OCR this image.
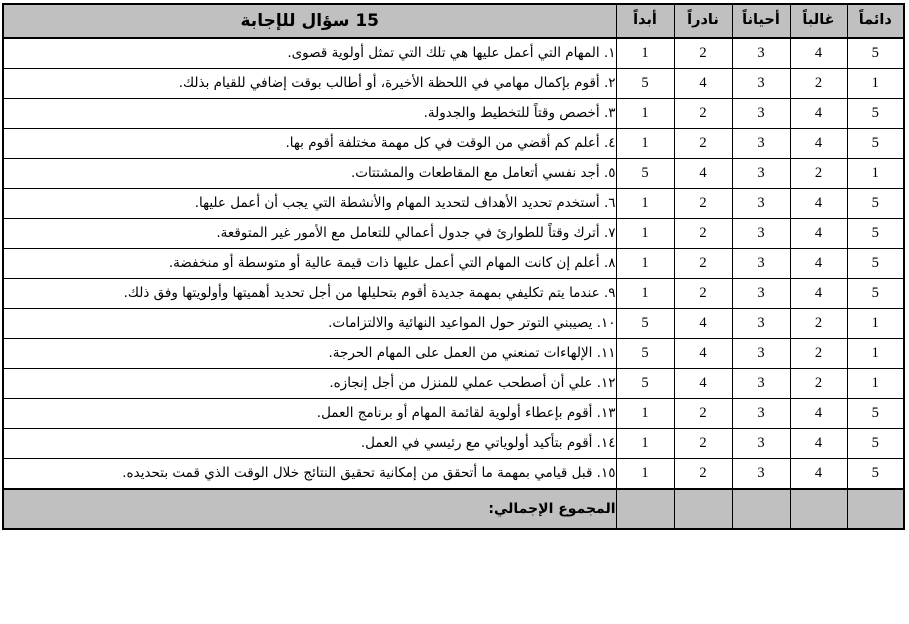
دائماً	غالباً	أحياناً	نادراً	أبداً	15 سؤال للإجابة
5	4	3	2	1	١. المهام التي أعمل عليها هي تلك التي تمثل أولوية قصوى.
1	2	3	4	5	٢. أقوم بإكمال مهامي في اللحظة الأخيرة، أو أطالب بوقت إضافي للقيام بذلك.
5	4	3	2	1	٣. أخصص وقتاً للتخطيط والجدولة.
5	4	3	2	1	٤. أعلم كم أقضي من الوقت في كل مهمة مختلفة أقوم بها.
1	2	3	4	5	٥. أجد نفسي أتعامل مع المقاطعات والمشتتات.
5	4	3	2	1	٦. أستخدم تحديد الأهداف لتحديد المهام والأنشطة التي يجب أن أعمل عليها.
5	4	3	2	1	٧. أترك وقتاً للطوارئ في جدول أعمالي للتعامل مع الأمور غير المتوقعة.
5	4	3	2	1	٨. أعلم إن كانت المهام التي أعمل عليها ذات قيمة عالية أو متوسطة أو منخفضة.
5	4	3	2	1	٩. عندما يتم تكليفي بمهمة جديدة أقوم بتحليلها من أجل تحديد أهميتها وأولويتها وفق ذلك.
1	2	3	4	5	١٠. يصيبني التوتر حول المواعيد النهائية والالتزامات.
1	2	3	4	5	١١. الإلهاءات تمنعني من العمل على المهام الحرجة.
1	2	3	4	5	١٢. علي أن أصطحب عملي للمنزل من أجل إنجازه.
5	4	3	2	1	١٣. أقوم بإعطاء أولوية لقائمة المهام أو برنامج العمل.
5	4	3	2	1	١٤. أقوم بتأكيد أولوياتي مع رئيسي في العمل.
5	4	3	2	1	١٥. قبل قيامي بمهمة ما أتحقق من إمكانية تحقيق النتائج خلال الوقت الذي قمت بتحديده.
					المجموع الإجمالي:
